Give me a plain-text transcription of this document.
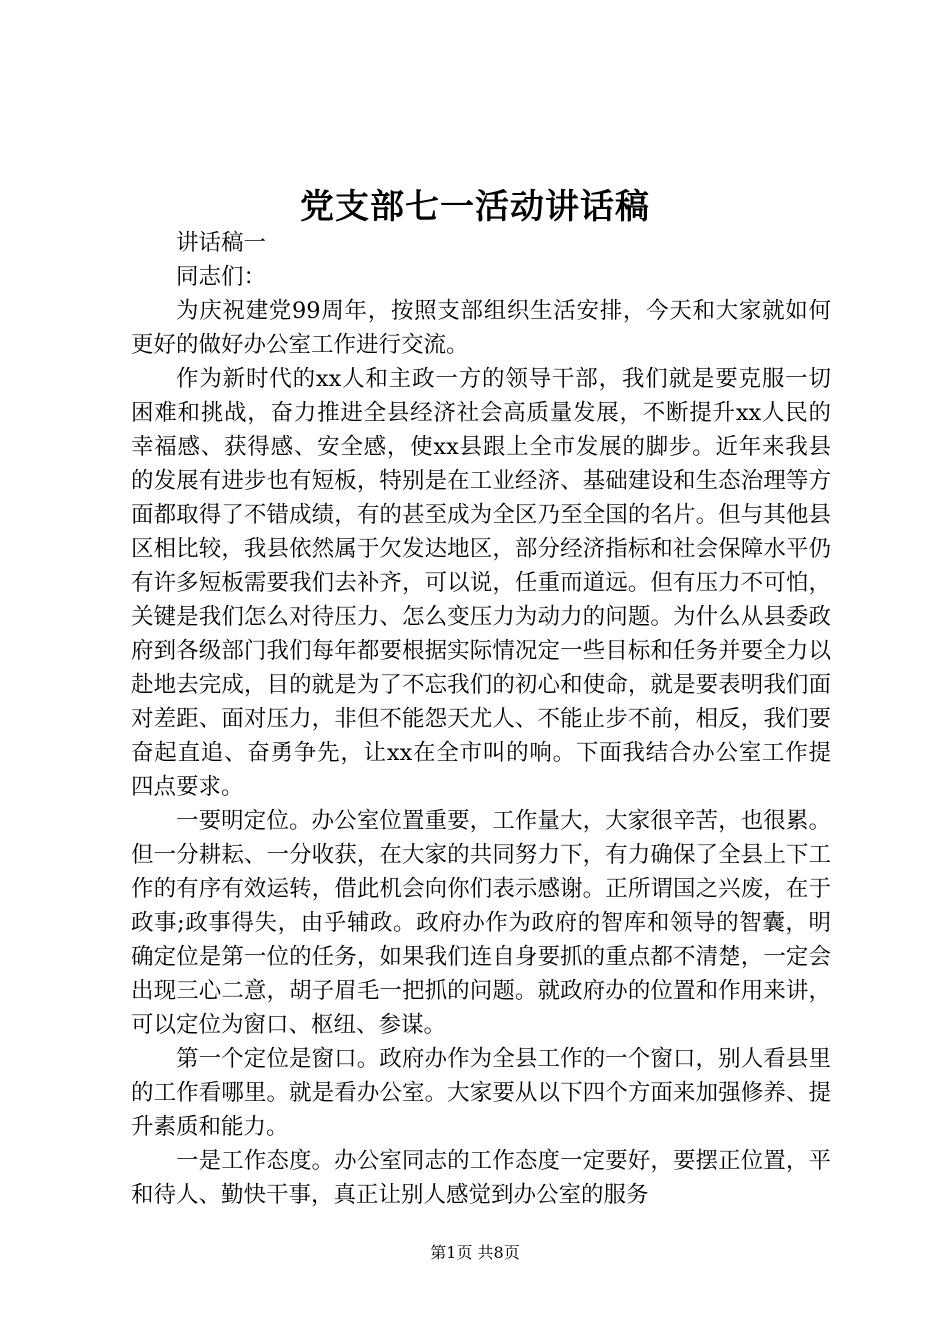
党支部七一活动讲话稿

讲话稿一

同志们：

为庆祝建党99周年，按照支部组织生活安排，今天和大家就如何更好的做好办公室工作进行交流。

作为新时代的xx人和主政一方的领导干部，我们就是要克服一切困难和挑战，奋力推进全县经济社会高质量发展，不断提升xx人民的幸福感、获得感、安全感，使xx县跟上全市发展的脚步。近年来我县的发展有进步也有短板，特别是在工业经济、基础建设和生态治理等方面都取得了不错成绩，有的甚至成为全区乃至全国的名片。但与其他县区相比较，我县依然属于欠发达地区，部分经济指标和社会保障水平仍有许多短板需要我们去补齐，可以说，任重而道远。但有压力不可怕，关键是我们怎么对待压力、怎么变压力为动力的问题。为什么从县委政府到各级部门我们每年都要根据实际情况定一些目标和任务并要全力以赴地去完成，目的就是为了不忘我们的初心和使命，就是要表明我们面对差距、面对压力，非但不能怨天尤人、不能止步不前，相反，我们要奋起直追、奋勇争先，让xx在全市叫的响。下面我结合办公室工作提四点要求。

一要明定位。办公室位置重要，工作量大，大家很辛苦，也很累。但一分耕耘、一分收获，在大家的共同努力下，有力确保了全县上下工作的有序有效运转，借此机会向你们表示感谢。正所谓国之兴废，在于政事;政事得失，由乎辅政。政府办作为政府的智库和领导的智囊，明确定位是第一位的任务，如果我们连自身要抓的重点都不清楚，一定会出现三心二意，胡子眉毛一把抓的问题。就政府办的位置和作用来讲，可以定位为窗口、枢纽、参谋。

第一个定位是窗口。政府办作为全县工作的一个窗口，别人看县里的工作看哪里。就是看办公室。大家要从以下四个方面来加强修养、提升素质和能力。

一是工作态度。办公室同志的工作态度一定要好，要摆正位置，平和待人、勤快干事，真正让别人感觉到办公室的服务

第1页 共8页
